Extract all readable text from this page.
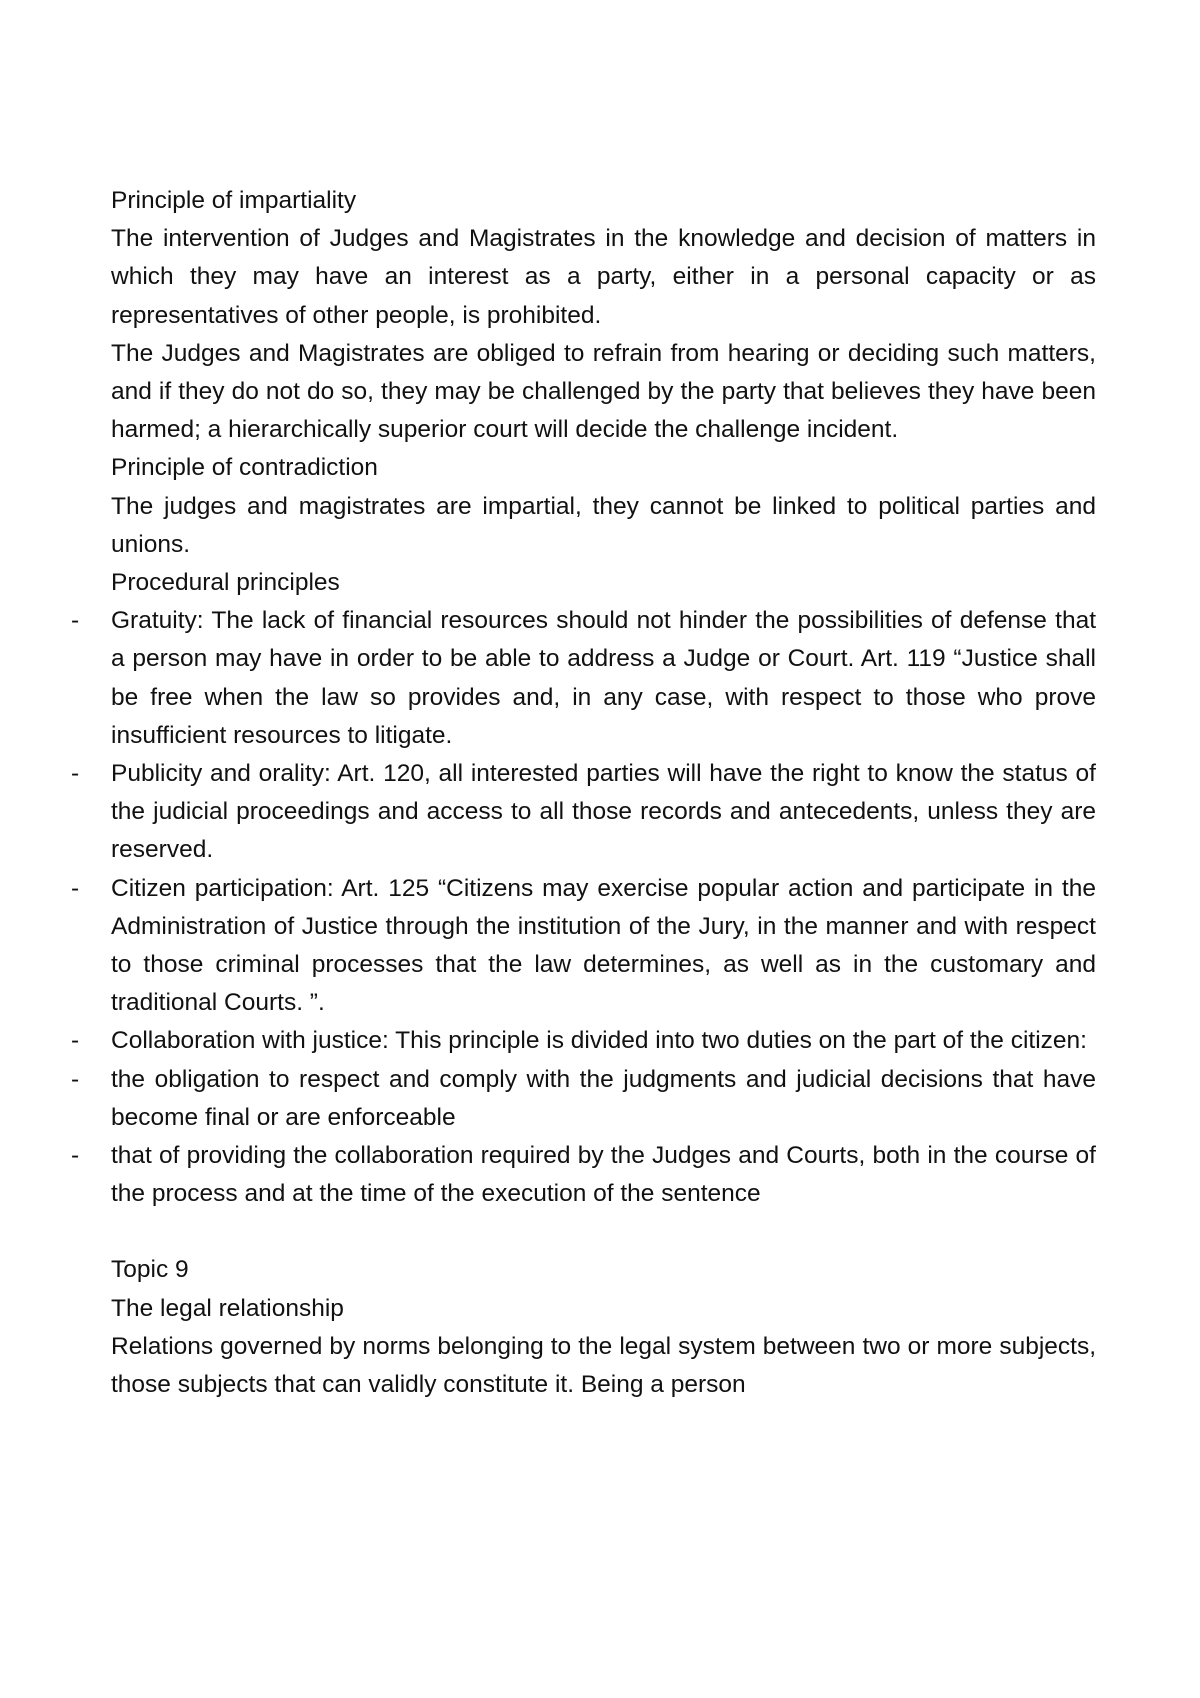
Principle of impartiality

The intervention of Judges and Magistrates in the knowledge and decision of matters in which they may have an interest as a party, either in a personal capacity or as representatives of other people, is prohibited.

The Judges and Magistrates are obliged to refrain from hearing or deciding such matters, and if they do not do so, they may be challenged by the party that believes they have been harmed; a hierarchically superior court will decide the challenge incident.

Principle of contradiction

The judges and magistrates are impartial, they cannot be linked to political parties and unions.

Procedural principles

- Gratuity: The lack of financial resources should not hinder the possibilities of defense that a person may have in order to be able to address a Judge or Court. Art. 119 “Justice shall be free when the law so provides and, in any case, with respect to those who prove insufficient resources to litigate.
- Publicity and orality: Art. 120, all interested parties will have the right to know the status of the judicial proceedings and access to all those records and antecedents, unless they are reserved.
- Citizen participation: Art. 125 “Citizens may exercise popular action and participate in the Administration of Justice through the institution of the Jury, in the manner and with respect to those criminal processes that the law determines, as well as in the customary and traditional Courts. ”.
- Collaboration with justice: This principle is divided into two duties on the part of the citizen:
- the obligation to respect and comply with the judgments and judicial decisions that have become final or are enforceable
- that of providing the collaboration required by the Judges and Courts, both in the course of the process and at the time of the execution of the sentence

Topic 9

The legal relationship

Relations governed by norms belonging to the legal system between two or more subjects, those subjects that can validly constitute it. Being a person
